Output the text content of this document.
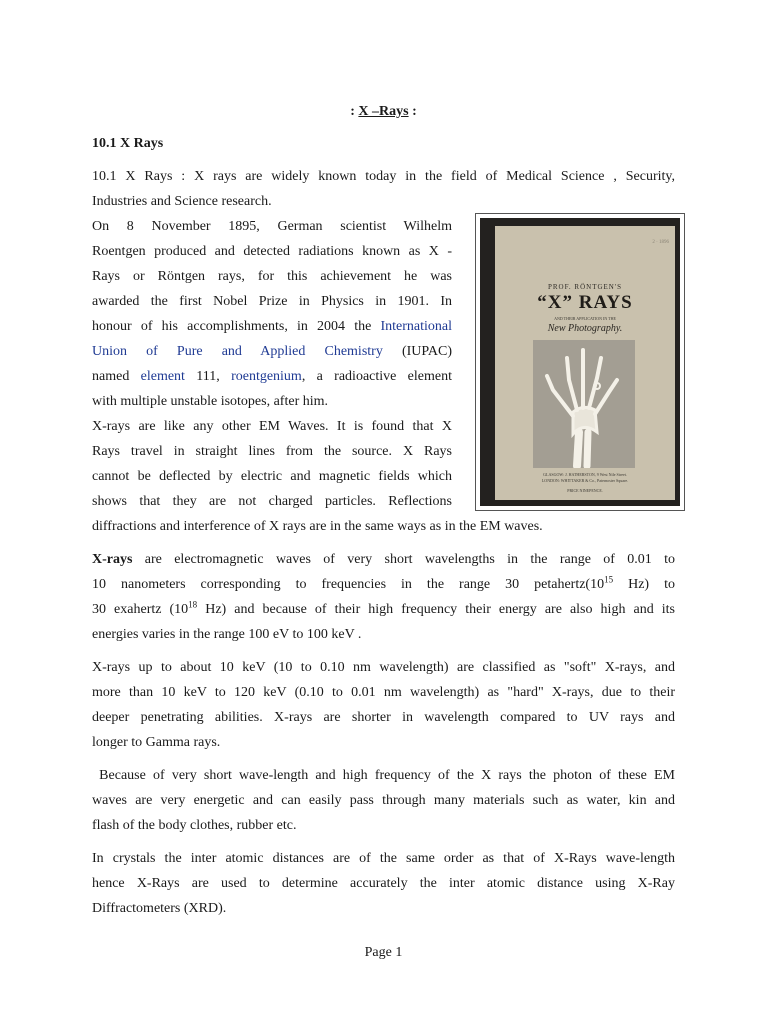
: X –Rays :
10.1 X Rays

10.1 X Rays : X rays are widely known today in the field of Medical Science , Security,
Industries and Science research.

On 8 November 1895, German scientist Wilhelm
Roentgen produced and detected radiations known as X -
Rays or Röntgen rays, for this achievement he was
awarded the first Nobel Prize in Physics in 1901. In
honour of his accomplishments, in 2004 the International
Union of Pure and Applied Chemistry (IUPAC)
named element 111, roentgenium, a radioactive element
with multiple unstable isotopes, after him.

X-rays are like any other EM Waves. It is found that X
Rays travel in straight lines from the source. X Rays
cannot be deflected by electric and magnetic fields which
shows that they are not charged particles. Reflections
diffractions and interference of X rays are in the same ways as in the EM waves.

X-rays are electromagnetic waves of very short wavelengths in the range of 0.01 to
10 nanometers corresponding to frequencies in the range 30 $petahertz(10^{15}$ Hz) to
30 exahertz ($10^{18}$ Hz) and because of their high frequency their energy are also high and its
energies varies in the range 100 eV to 100 keV .

X-rays up to about 10 keV (10 to 0.10 nm wavelength) are classified as "soft" X-rays, and
more than 10 keV to 120 keV (0.10 to 0.01 nm wavelength) as "hard" X-rays, due to their
deeper penetrating abilities. X-rays are shorter in wavelength compared to UV rays and
longer to Gamma rays.

Because of very short wave-length and high frequency of the X rays the photon of these EM
waves are very energetic and can easily pass through many materials such as water, kin and
flash of the body clothes, rubber etc.

In crystals the inter atomic distances are of the same order as that of X-Rays wave-length
hence X-Rays are used to determine accurately the inter atomic distance using X-Ray
Diffractometers (XRD).

Page 1
2 · 1896
PROF. RÖNTGEN'S
“X” RAYS
AND THEIR APPLICATION IN THE
New Photography.
GLASGOW: J. HATHERSTON, 9 West Nile Street.
LONDON: WHITTAKER & Co., Paternoster Square.
PRICE NINEPENCE.
